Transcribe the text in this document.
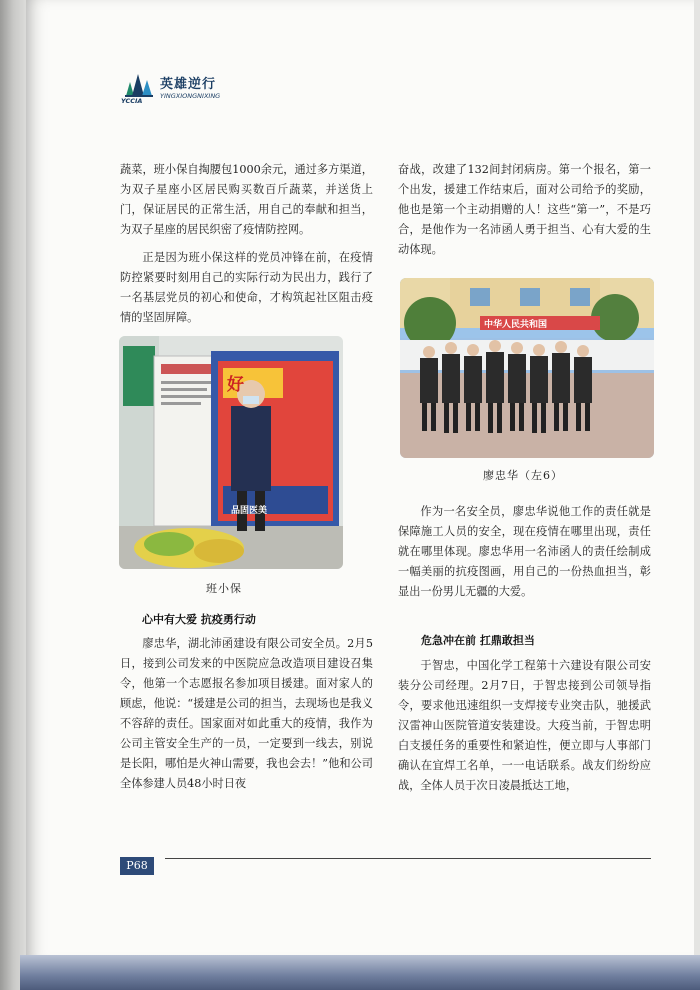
英雄逆行
YINGXIONGNIXING
YCCIA

蔬菜，班小保自掏腰包1000余元，通过多方渠道，为双子星座小区居民购买数百斤蔬菜，并送货上门，保证居民的正常生活，用自己的奉献和担当，为双子星座的居民织密了疫情防控网。

正是因为班小保这样的党员冲锋在前，在疫情防控紧要时刻用自己的实际行动为民出力，践行了一名基层党员的初心和使命，才构筑起社区阻击疫情的坚固屏障。

好
品固医美
班小保
心中有大爱 抗疫勇行动

廖忠华，湖北沛函建设有限公司安全员。2月5日，接到公司发来的中医院应急改造项目建设召集令，他第一个志愿报名参加项目援建。面对家人的顾虑，他说：“援建是公司的担当，去现场也是我义不容辞的责任。国家面对如此重大的疫情，我作为公司主管安全生产的一员，一定要到一线去，别说是长阳，哪怕是火神山需要，我也会去！”他和公司全体参建人员48小时日夜

奋战，改建了132间封闭病房。第一个报名，第一个出发，援建工作结束后，面对公司给予的奖励，他也是第一个主动捐赠的人！这些“第一”，不是巧合，是他作为一名沛函人勇于担当、心有大爱的生动体现。

中华人民共和国
廖忠华（左6）

作为一名安全员，廖忠华说他工作的责任就是保障施工人员的安全，现在疫情在哪里出现，责任就在哪里体现。廖忠华用一名沛函人的责任绘制成一幅美丽的抗疫图画，用自己的一份热血担当，彰显出一份男儿无疆的大爱。

危急冲在前 扛鼎敢担当

于智忠，中国化学工程第十六建设有限公司安装分公司经理。2月7日，于智忠接到公司领导指令，要求他迅速组织一支焊接专业突击队，驰援武汉雷神山医院管道安装建设。大疫当前，于智忠明白支援任务的重要性和紧迫性，便立即与人事部门确认在宜焊工名单，一一电话联系。战友们纷纷应战，全体人员于次日凌晨抵达工地，

P68
